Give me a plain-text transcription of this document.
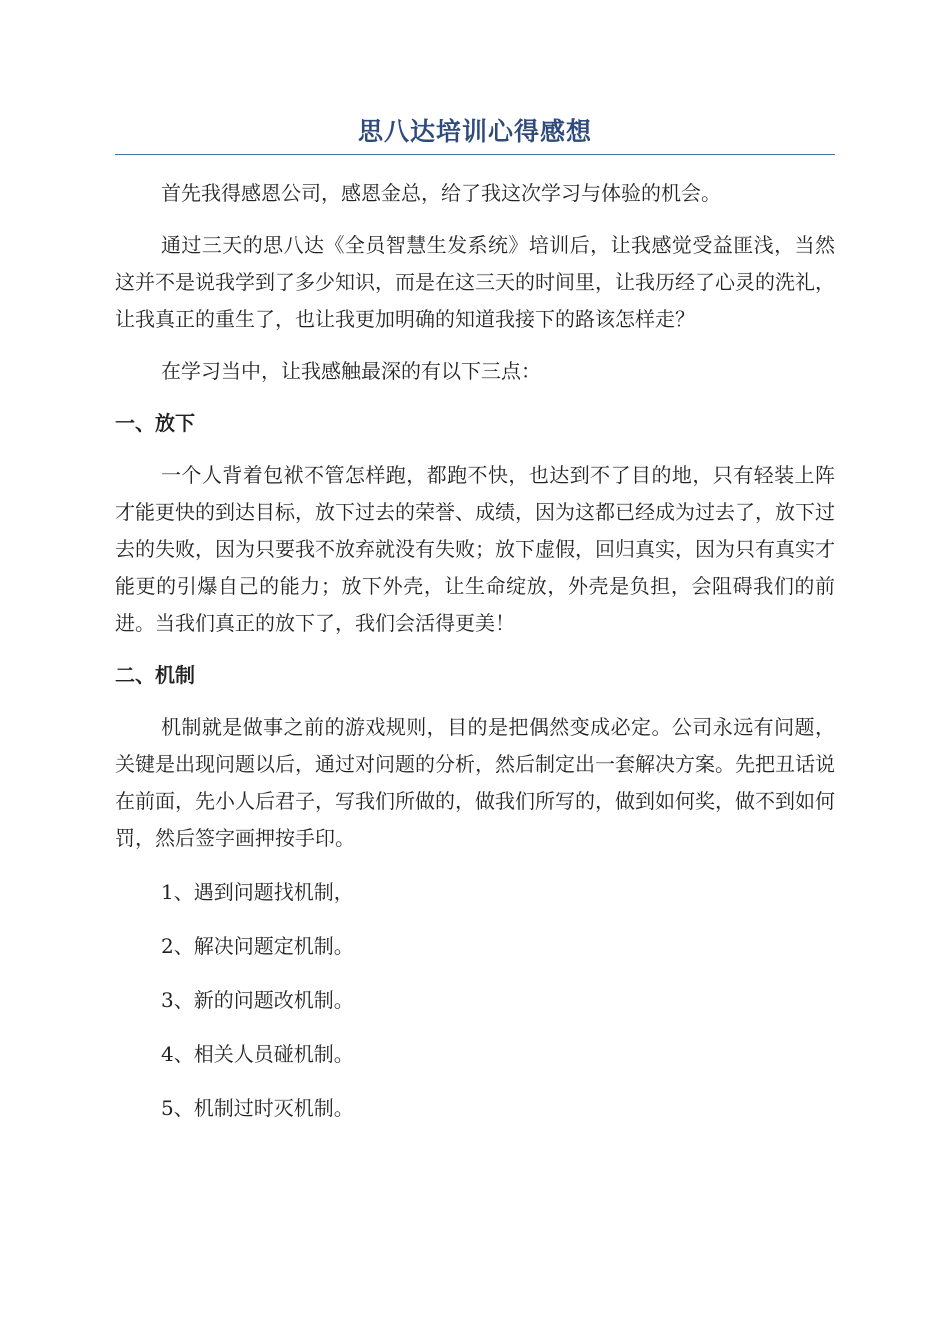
思八达培训心得感想

首先我得感恩公司，感恩金总，给了我这次学习与体验的机会。

通过三天的思八达《全员智慧生发系统》培训后，让我感觉受益匪浅，当然这并不是说我学到了多少知识，而是在这三天的时间里，让我历经了心灵的洗礼，让我真正的重生了，也让我更加明确的知道我接下的路该怎样走？

在学习当中，让我感触最深的有以下三点：

一、放下

一个人背着包袱不管怎样跑，都跑不快，也达到不了目的地，只有轻装上阵才能更快的到达目标，放下过去的荣誉、成绩，因为这都已经成为过去了，放下过去的失败，因为只要我不放弃就没有失败；放下虚假，回归真实，因为只有真实才能更的引爆自己的能力；放下外壳，让生命绽放，外壳是负担，会阻碍我们的前进。当我们真正的放下了，我们会活得更美！

二、机制

机制就是做事之前的游戏规则，目的是把偶然变成必定。公司永远有问题，关键是出现问题以后，通过对问题的分析，然后制定出一套解决方案。先把丑话说在前面，先小人后君子，写我们所做的，做我们所写的，做到如何奖，做不到如何罚，然后签字画押按手印。

1、遇到问题找机制，

2、解决问题定机制。

3、新的问题改机制。

4、相关人员碰机制。

5、机制过时灭机制。
